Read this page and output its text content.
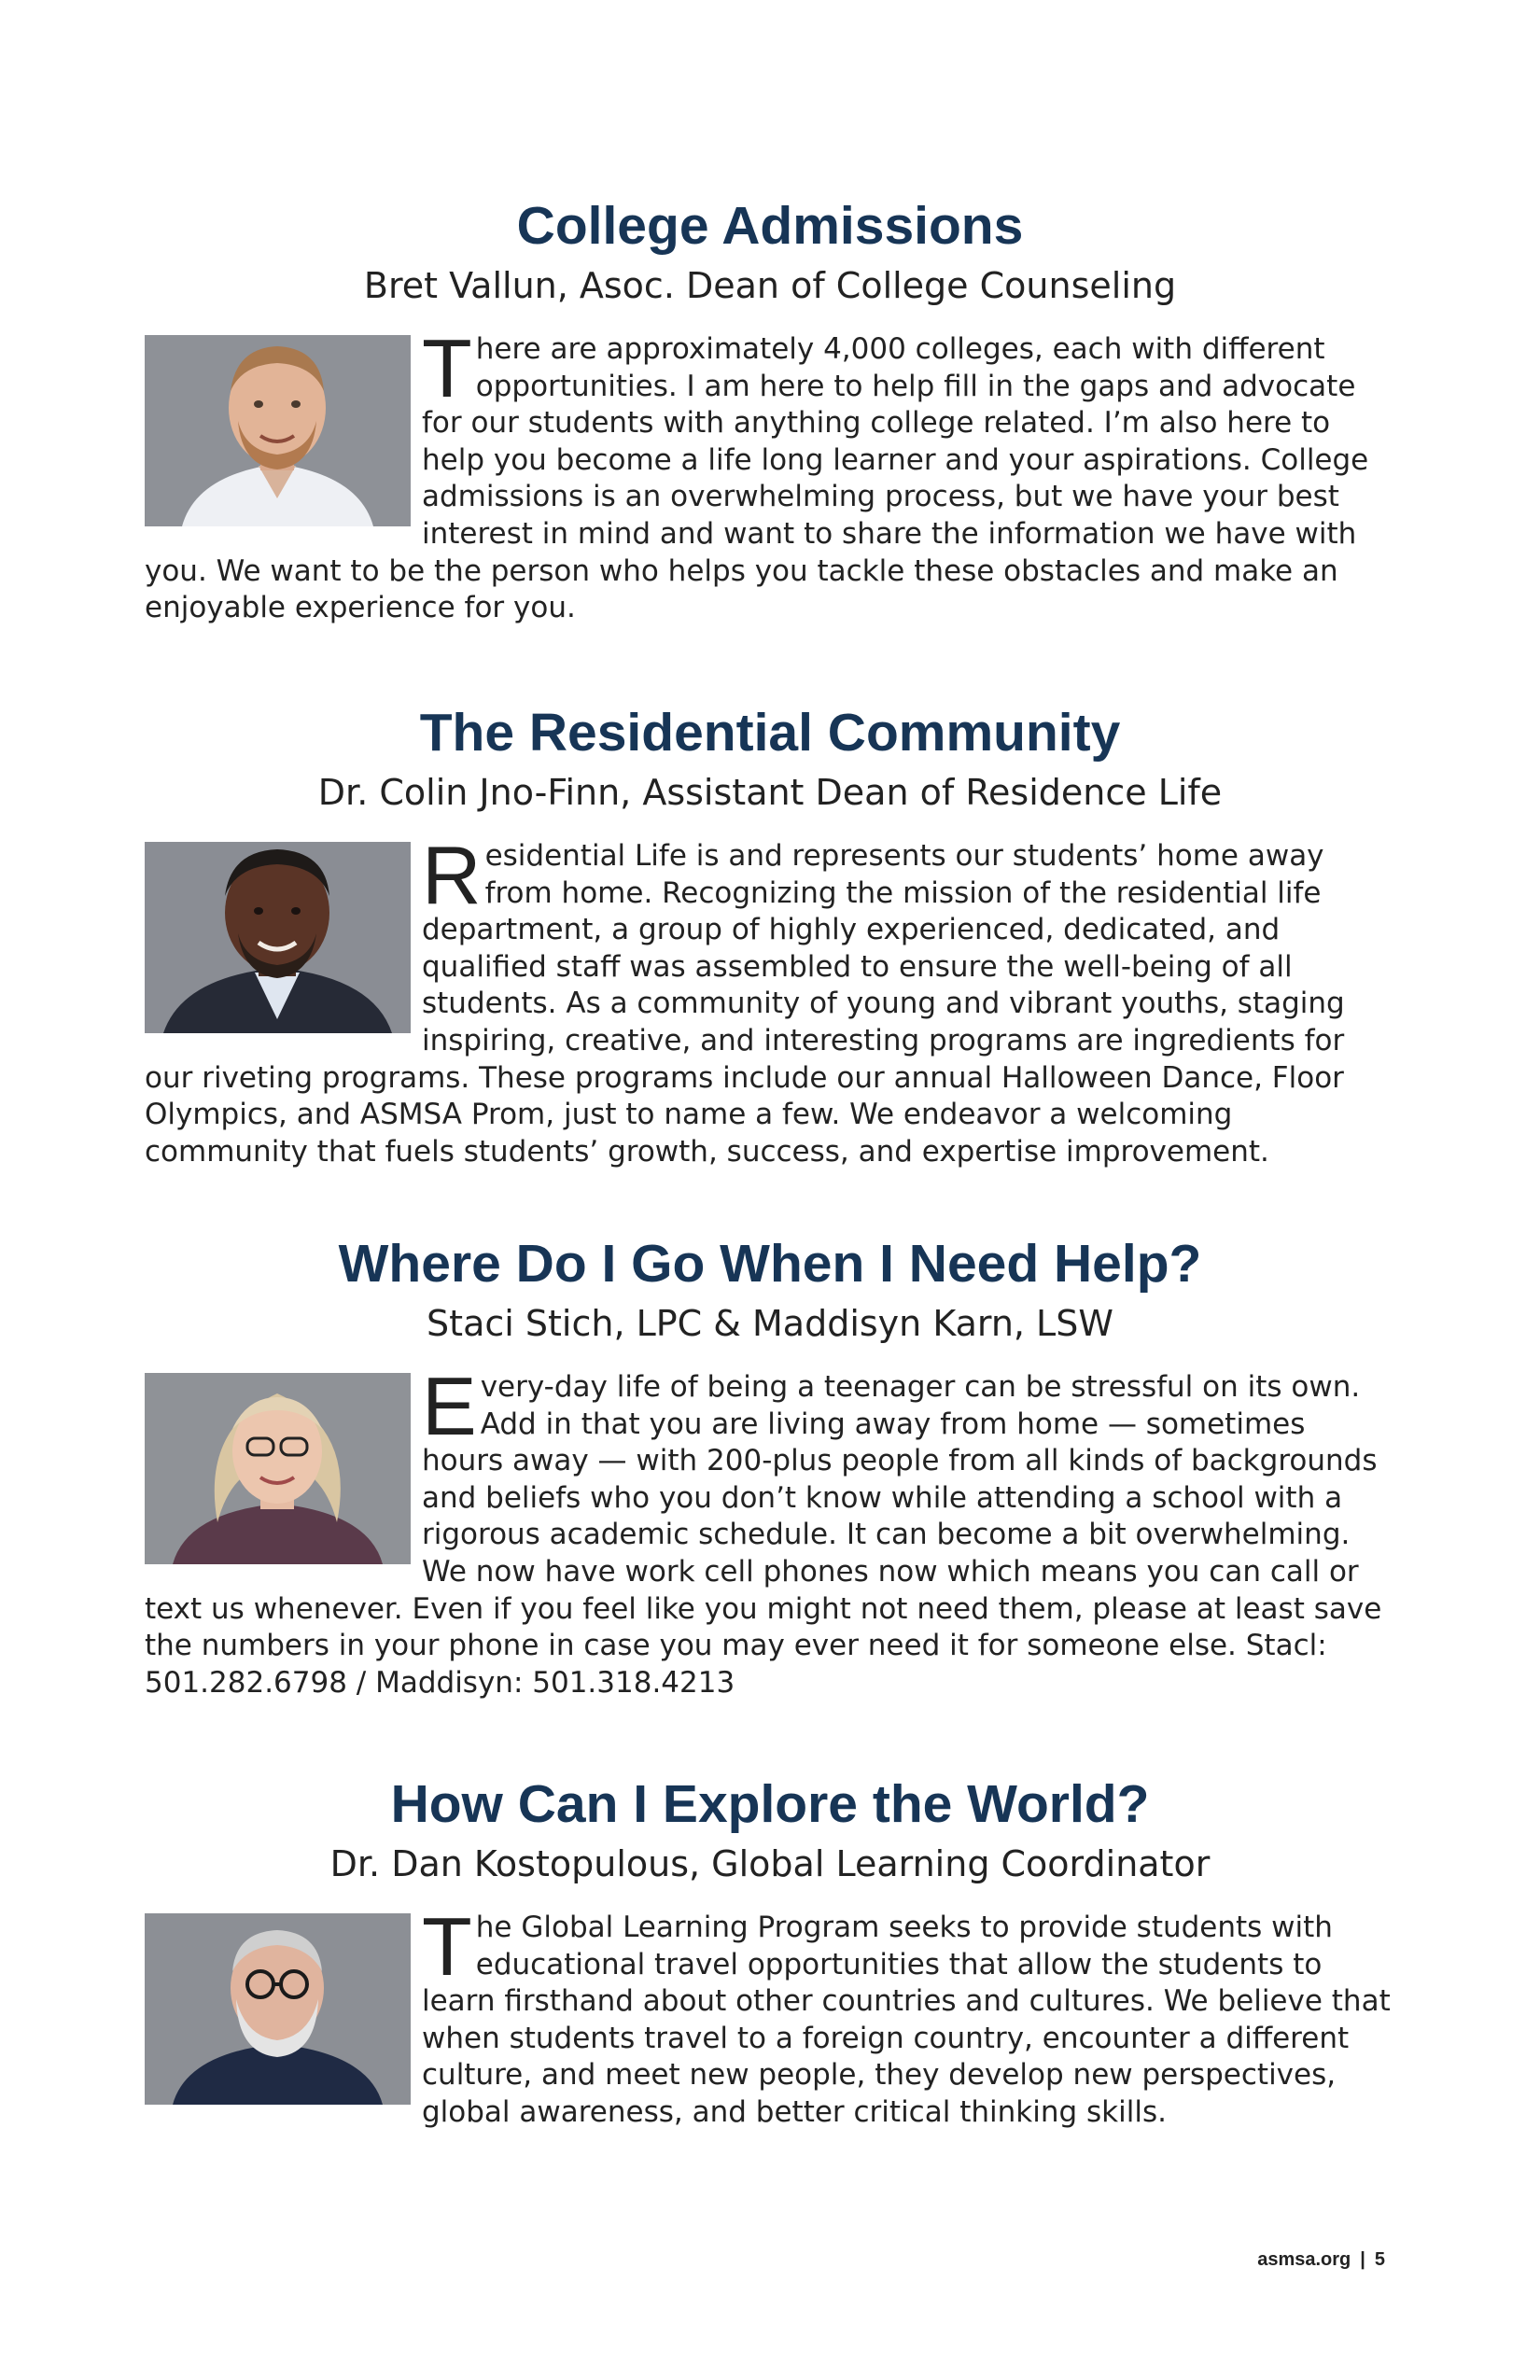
College Admissions

Bret Vallun, Asoc. Dean of College Counseling

There are approximately 4,000 colleges, each with different opportunities. I am here to help fill in the gaps and advocate for our students with anything college related. I’m also here to help you become a life long learner and your aspirations. College admissions is an overwhelming process, but we have your best interest in mind and want to share the information we have with you. We want to be the person who helps you tackle these obstacles and make an enjoyable experience for you.

The Residential Community

Dr. Colin Jno-Finn, Assistant Dean of Residence Life

Residential Life is and represents our students’ home away from home. Recognizing the mission of the residential life department, a group of highly experienced, dedicated, and qualified staff was assembled to ensure the well-being of all students. As a community of young and vibrant youths, staging inspiring, creative, and interesting programs are ingredients for our riveting programs. These programs include our annual Halloween Dance, Floor Olympics, and ASMSA Prom, just to name a few. We endeavor a welcoming community that fuels students’ growth, success, and expertise improvement.

Where Do I Go When I Need Help?

Staci Stich, LPC & Maddisyn Karn, LSW

Every-day life of being a teenager can be stressful on its own. Add in that you are living away from home — sometimes hours away — with 200-plus people from all kinds of backgrounds and beliefs who you don’t know while attending a school with a rigorous academic schedule. It can become a bit overwhelming. We now have work cell phones now which means you can call or text us whenever. Even if you feel like you might not need them, please at least save the numbers in your phone in case you may ever need it for someone else. Stacl: 501.282.6798 / Maddisyn: 501.318.4213

How Can I Explore the World?

Dr. Dan Kostopulous, Global Learning Coordinator

The Global Learning Program seeks to provide students with educational travel opportunities that allow the students to learn firsthand about other countries and cultures. We believe that when students travel to a foreign country, encounter a different culture, and meet new people, they develop new perspectives, global awareness, and better critical thinking skills.

asmsa.org | 5
